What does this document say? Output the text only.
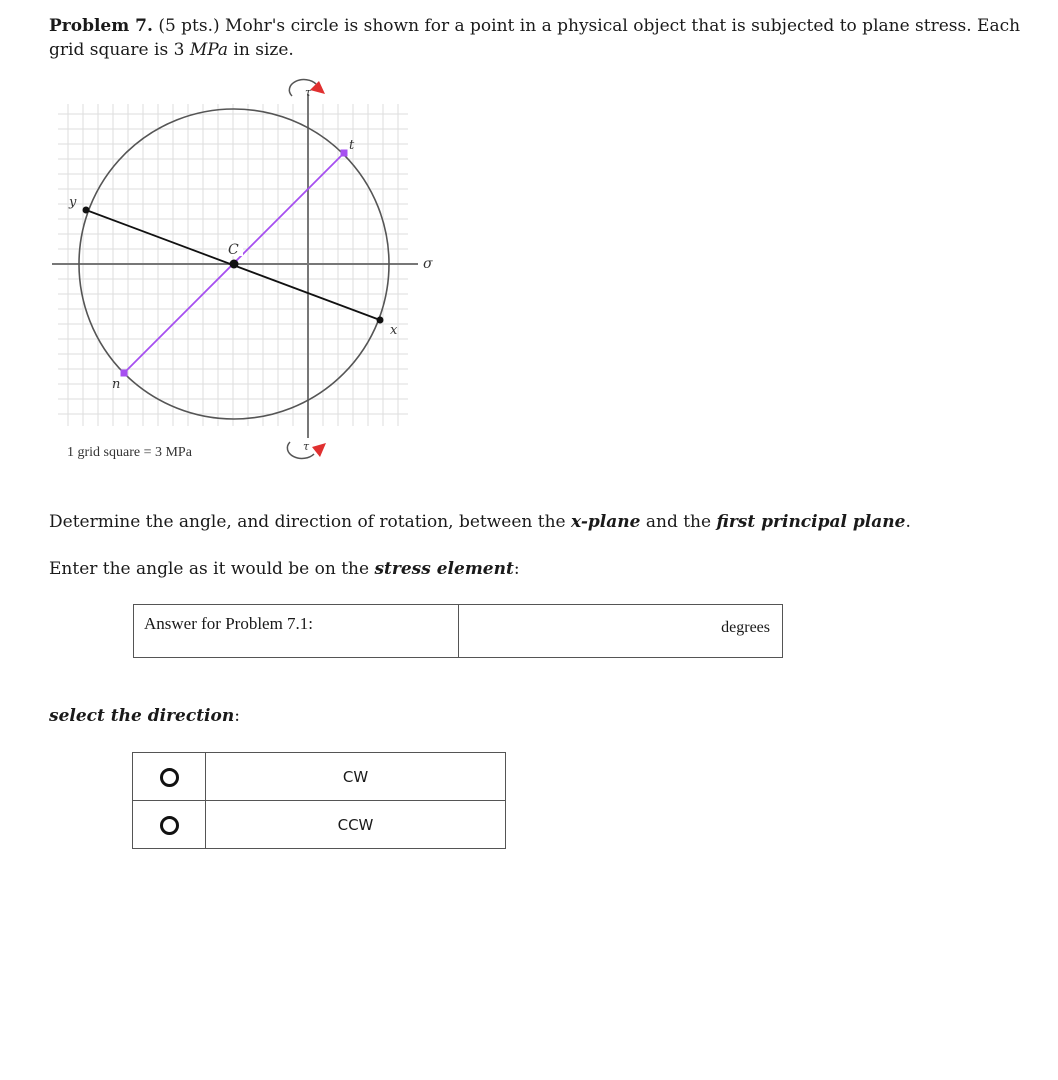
Problem 7. (5 pts.) Mohr's circle is shown for a point in a physical object that is subjected to plane stress. Each grid square is 3 MPa in size.
y
x
n
t
C
σ
τ
τ
1 grid square = 3 MPa
Determine the angle, and direction of rotation, between the x-plane and the first principal plane.
Enter the angle as it would be on the stress element:
Answer for Problem 7.1:	degrees
select the direction:
	CW
	CCW
